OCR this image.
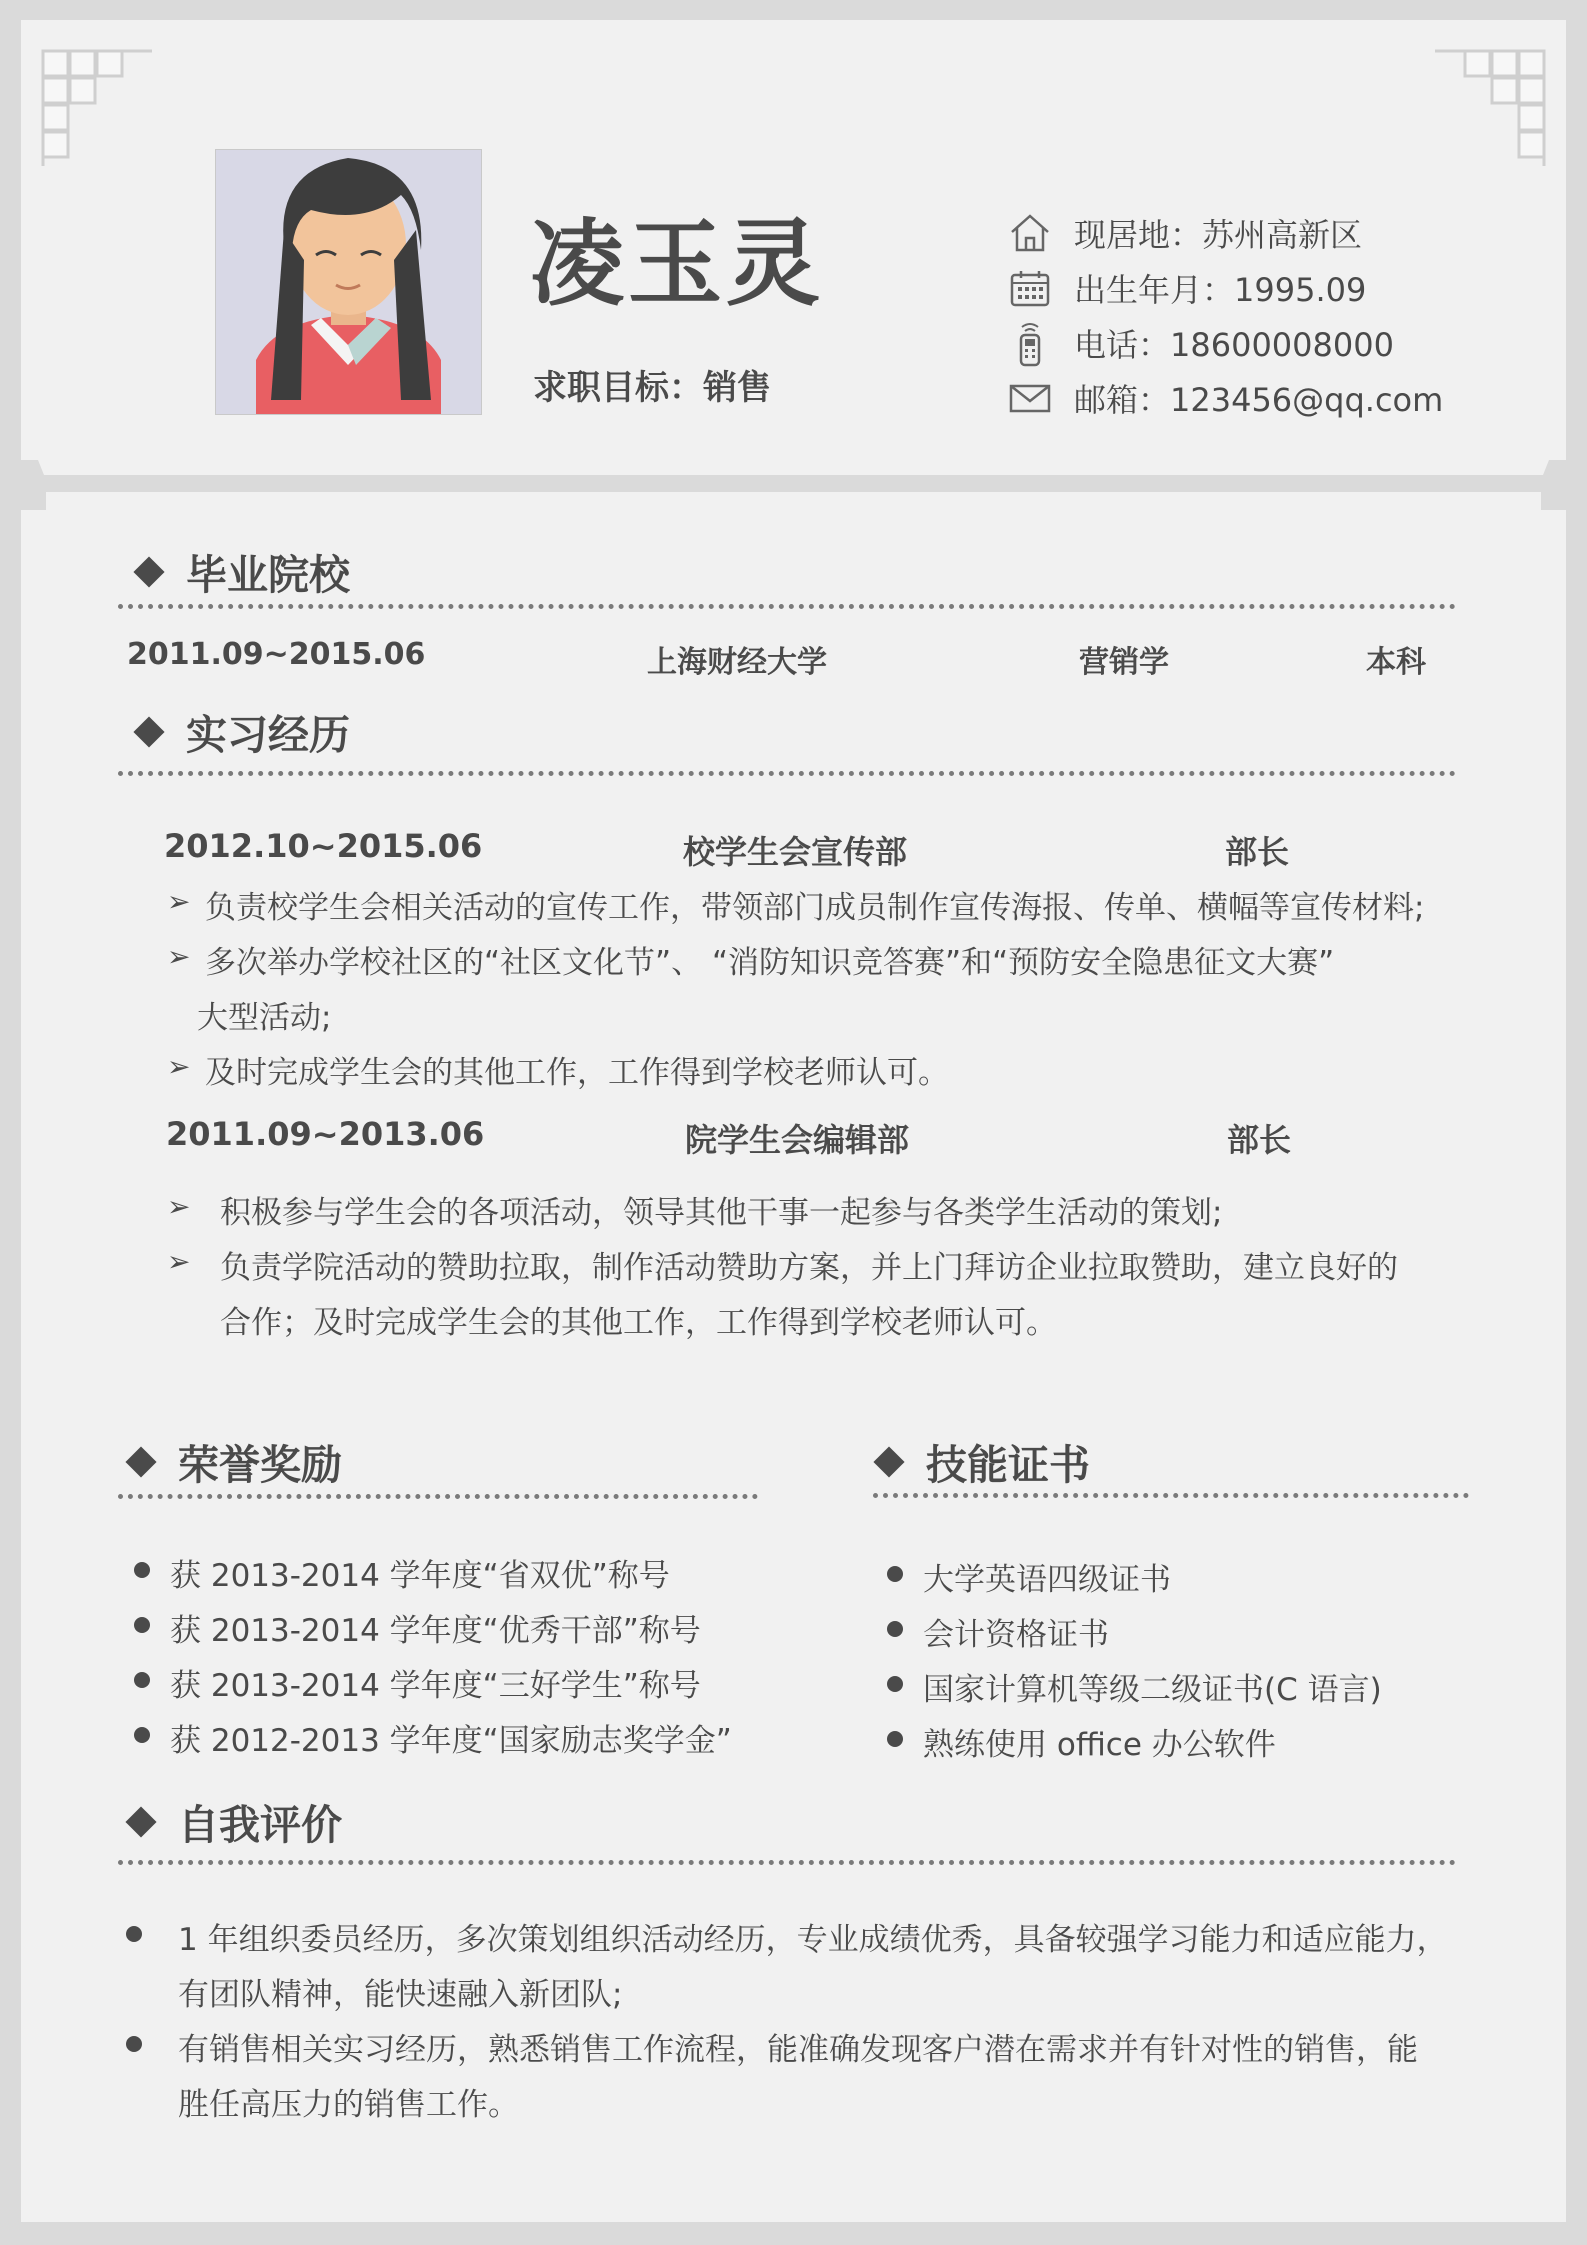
凌玉灵
求职目标：销售
现居地：苏州高新区
出生年月：1995.09
电话：18600008000
邮箱：123456@qq.com
毕业院校
2011.09~2015.06	上海财经大学	营销学	本科
实习经历
2012.10~2015.06	校学生会宣传部	部长
➢ 负责校学生会相关活动的宣传工作，带领部门成员制作宣传海报、传单、横幅等宣传材料;
➢ 多次举办学校社区的“社区文化节”、 “消防知识竞答赛”和“预防安全隐患征文大赛”
大型活动;
➢ 及时完成学生会的其他工作，工作得到学校老师认可。
2011.09~2013.06	院学生会编辑部	部长
➢ 积极参与学生会的各项活动，领导其他干事一起参与各类学生活动的策划;
➢ 负责学院活动的赞助拉取，制作活动赞助方案，并上门拜访企业拉取赞助，建立良好的
合作；及时完成学生会的其他工作，工作得到学校老师认可。
荣誉奖励
获 2013-2014 学年度“省双优”称号
获 2013-2014 学年度“优秀干部”称号
获 2013-2014 学年度“三好学生”称号
获 2012-2013 学年度“国家励志奖学金”
技能证书
大学英语四级证书
会计资格证书
国家计算机等级二级证书(C 语言)
熟练使用 office 办公软件
自我评价
1 年组织委员经历，多次策划组织活动经历，专业成绩优秀，具备较强学习能力和适应能力，
有团队精神，能快速融入新团队;
有销售相关实习经历，熟悉销售工作流程，能准确发现客户潜在需求并有针对性的销售，能
胜任高压力的销售工作。
